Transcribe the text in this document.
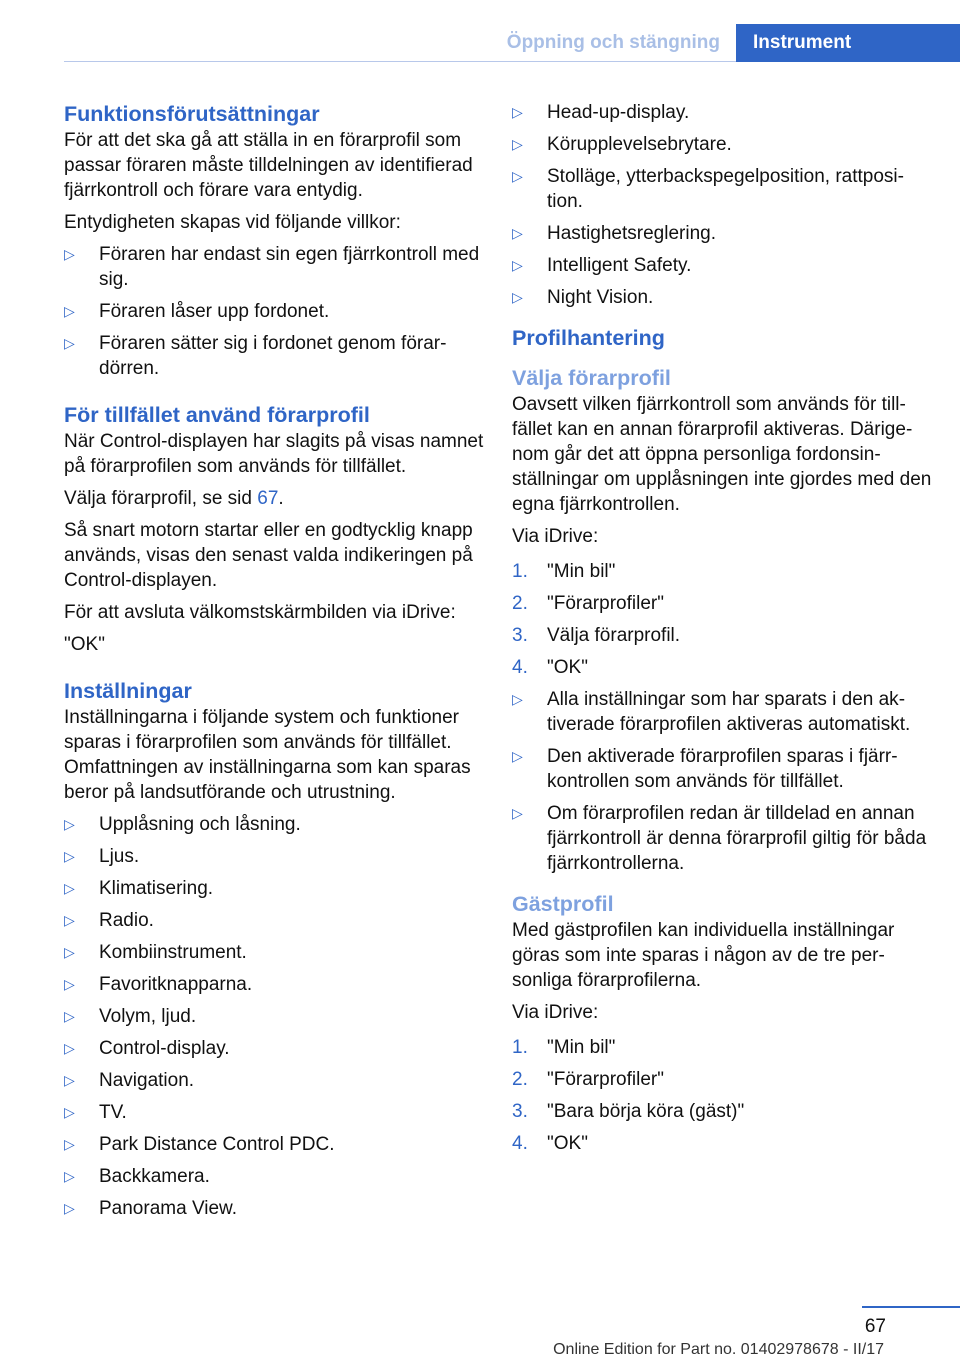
Öppning och stängning	Instrument
Funktionsförutsättningar

För att det ska gå att ställa in en förarprofil som passar föraren måste tilldelningen av identifierad fjärrkontroll och förare vara entydig.

Entydigheten skapas vid följande villkor:

▷ Föraren har endast sin egen fjärrkontroll med sig.
▷ Föraren låser upp fordonet.
▷ Föraren sätter sig i fordonet genom förardörren.
För tillfället använd förarprofil

När Control-displayen har slagits på visas namnet på förarprofilen som används för tillfället.

Välja förarprofil, se sid 67.

Så snart motorn startar eller en godtycklig knapp används, visas den senast valda indikeringen på Control-displayen.

För att avsluta välkomstskärmbilden via iDrive:

"OK"

Inställningar

Inställningarna i följande system och funktioner sparas i förarprofilen som används för tillfället. Omfattningen av inställningarna som kan sparas beror på landsutförande och utrustning.

▷ Upplåsning och låsning.
▷ Ljus.
▷ Klimatisering.
▷ Radio.
▷ Kombiinstrument.
▷ Favoritknapparna.
▷ Volym, ljud.
▷ Control-display.
▷ Navigation.
▷ TV.
▷ Park Distance Control PDC.
▷ Backkamera.
▷ Panorama View.
▷ Head-up-display.
▷ Körupplevelsebrytare.
▷ Stolläge, ytterbackspegelposition, rattposition.
▷ Hastighetsreglering.
▷ Intelligent Safety.
▷ Night Vision.
Profilhantering
Välja förarprofil

Oavsett vilken fjärrkontroll som används för tillfället kan en annan förarprofil aktiveras. Därigenom går det att öppna personliga fordonsinställningar om upplåsningen inte gjordes med den egna fjärrkontrollen.

Via iDrive:

1. "Min bil"
2. "Förarprofiler"
3. Välja förarprofil.
4. "OK"
▷ Alla inställningar som har sparats i den aktiverade förarprofilen aktiveras automatiskt.
▷ Den aktiverade förarprofilen sparas i fjärrkontrollen som används för tillfället.
▷ Om förarprofilen redan är tilldelad en annan fjärrkontroll är denna förarprofil giltig för båda fjärrkontrollerna.
Gästprofil

Med gästprofilen kan individuella inställningar göras som inte sparas i någon av de tre personliga förarprofilerna.

Via iDrive:

1. "Min bil"
2. "Förarprofiler"
3. "Bara börja köra (gäst)"
4. "OK"
67
Online Edition for Part no. 01402978678 - II/17
